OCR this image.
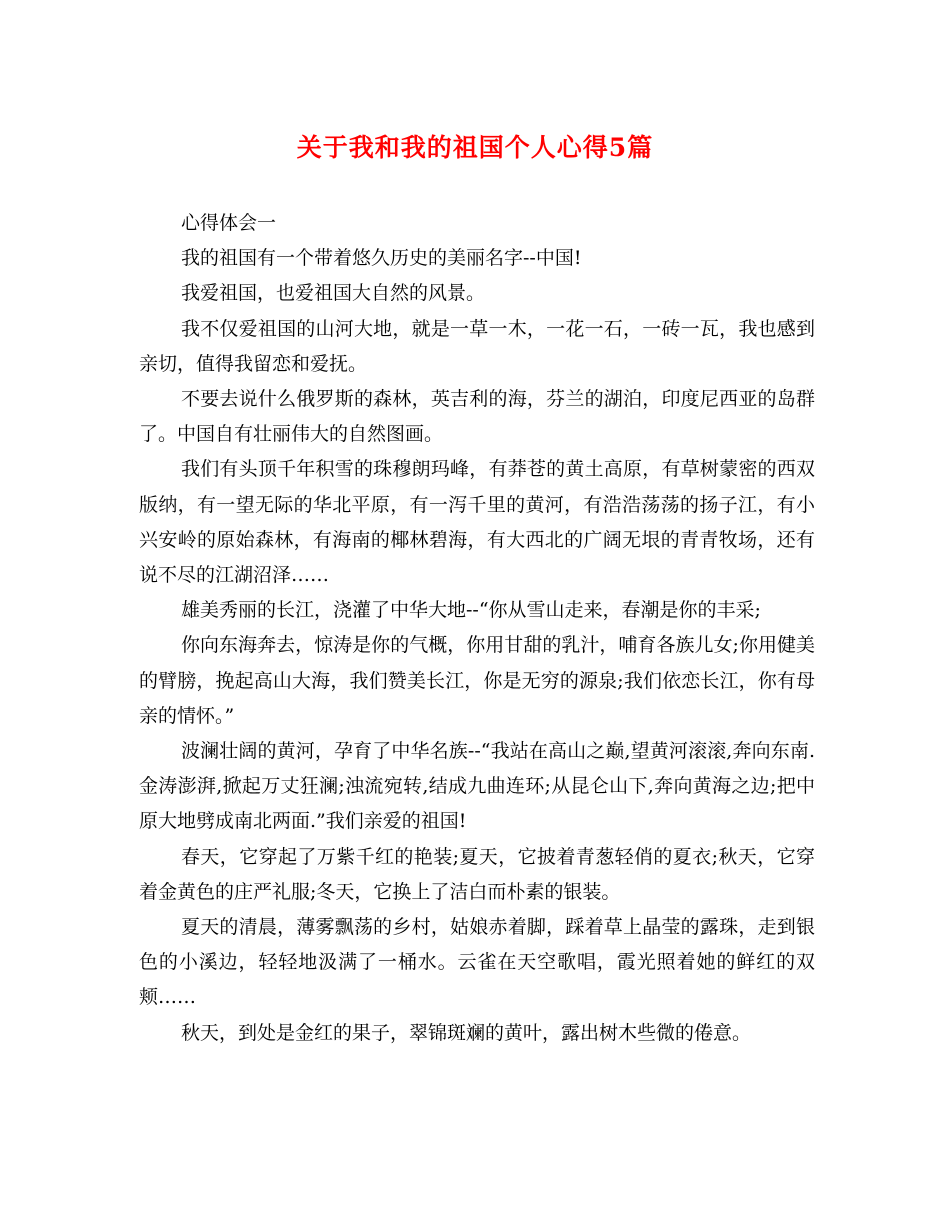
关于我和我的祖国个人心得5篇

心得体会一

我的祖国有一个带着悠久历史的美丽名字--中国!

我爱祖国，也爱祖国大自然的风景。

我不仅爱祖国的山河大地，就是一草一木，一花一石，一砖一瓦，我也感到亲切，值得我留恋和爱抚。

不要去说什么俄罗斯的森林，英吉利的海，芬兰的湖泊，印度尼西亚的岛群了。中国自有壮丽伟大的自然图画。

我们有头顶千年积雪的珠穆朗玛峰，有莽苍的黄土高原，有草树蒙密的西双版纳，有一望无际的华北平原，有一泻千里的黄河，有浩浩荡荡的扬子江，有小兴安岭的原始森林，有海南的椰林碧海，有大西北的广阔无垠的青青牧场，还有说不尽的江湖沼泽……

雄美秀丽的长江，浇灌了中华大地--“你从雪山走来，春潮是你的丰采;

你向东海奔去，惊涛是你的气概，你用甘甜的乳汁，哺育各族儿女;你用健美的臂膀，挽起高山大海，我们赞美长江，你是无穷的源泉;我们依恋长江，你有母亲的情怀。”

波澜壮阔的黄河，孕育了中华名族--“我站在高山之巅,望黄河滚滚,奔向东南.金涛澎湃,掀起万丈狂澜;浊流宛转,结成九曲连环;从昆仑山下,奔向黄海之边;把中原大地劈成南北两面.”我们亲爱的祖国!

春天，它穿起了万紫千红的艳装;夏天，它披着青葱轻俏的夏衣;秋天，它穿着金黄色的庄严礼服;冬天，它换上了洁白而朴素的银装。

夏天的清晨，薄雾飘荡的乡村，姑娘赤着脚，踩着草上晶莹的露珠，走到银色的小溪边，轻轻地汲满了一桶水。云雀在天空歌唱，霞光照着她的鲜红的双颊……

秋天，到处是金红的果子，翠锦斑斓的黄叶，露出树木些微的倦意。
